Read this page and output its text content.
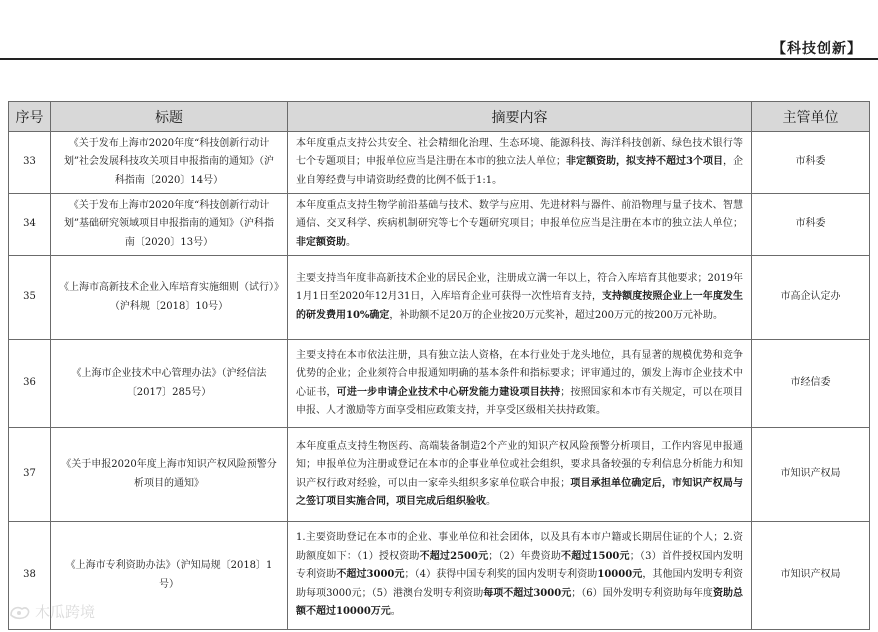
【科技创新】
序号	标题	摘要内容	主管单位
33	《关于发布上海市2020年度“科技创新行动计划”社会发展科技攻关项目申报指南的通知》（沪科指南〔2020〕14号）	本年度重点支持公共安全、社会精细化治理、生态环境、能源科技、海洋科技创新、绿色技术银行等七个专题项目；申报单位应当是注册在本市的独立法人单位；非定额资助，拟支持不超过3个项目，企业自筹经费与申请资助经费的比例不低于1:1。	市科委
34	《关于发布上海市2020年度“科技创新行动计划”基础研究领域项目申报指南的通知》（沪科指南〔2020〕13号）	本年度重点支持生物学前沿基础与技术、数学与应用、先进材料与器件、前沿物理与量子技术、智慧通信、交叉科学、疾病机制研究等七个专题研究项目；申报单位应当是注册在本市的独立法人单位；非定额资助。	市科委
35	《上海市高新技术企业入库培育实施细则（试行）》（沪科规〔2018〕10号）	主要支持当年度非高新技术企业的居民企业，注册成立满一年以上，符合入库培育其他要求；2019年1月1日至2020年12月31日，入库培育企业可获得一次性培育支持，支持额度按照企业上一年度发生的研发费用10%确定，补助额不足20万的企业按20万元奖补，超过200万元的按200万元补助。	市高企认定办
36	《上海市企业技术中心管理办法》（沪经信法〔2017〕285号）	主要支持在本市依法注册，具有独立法人资格，在本行业处于龙头地位，具有显著的规模优势和竞争优势的企业；企业须符合申报通知明确的基本条件和指标要求；评审通过的，颁发上海市企业技术中心证书，可进一步申请企业技术中心研发能力建设项目扶持；按照国家和本市有关规定，可以在项目申报、人才激励等方面享受相应政策支持，并享受区级相关扶持政策。	市经信委
37	《关于申报2020年度上海市知识产权风险预警分析项目的通知》	本年度重点支持生物医药、高端装备制造2个产业的知识产权风险预警分析项目，工作内容见申报通知；申报单位为注册或登记在本市的企事业单位或社会组织，要求具备较强的专利信息分析能力和知识产权行政对经验，可以由一家牵头组织多家单位联合申报；项目承担单位确定后，市知识产权局与之签订项目实施合同，项目完成后组织验收。	市知识产权局
38	《上海市专利资助办法》（沪知局规〔2018〕1号）	1.主要资助登记在本市的企业、事业单位和社会团体，以及具有本市户籍或长期居住证的个人；2.资助额度如下：（1）授权资助不超过2500元；（2）年费资助不超过1500元；（3）首件授权国内发明专利资助不超过3000元；（4）获得中国专利奖的国内发明专利资助10000元，其他国内发明专利资助每项3000元；（5）港澳台发明专利资助每项不超过3000元；（6）国外发明专利资助每年度资助总额不超过10000万元。	市知识产权局
木瓜跨境
